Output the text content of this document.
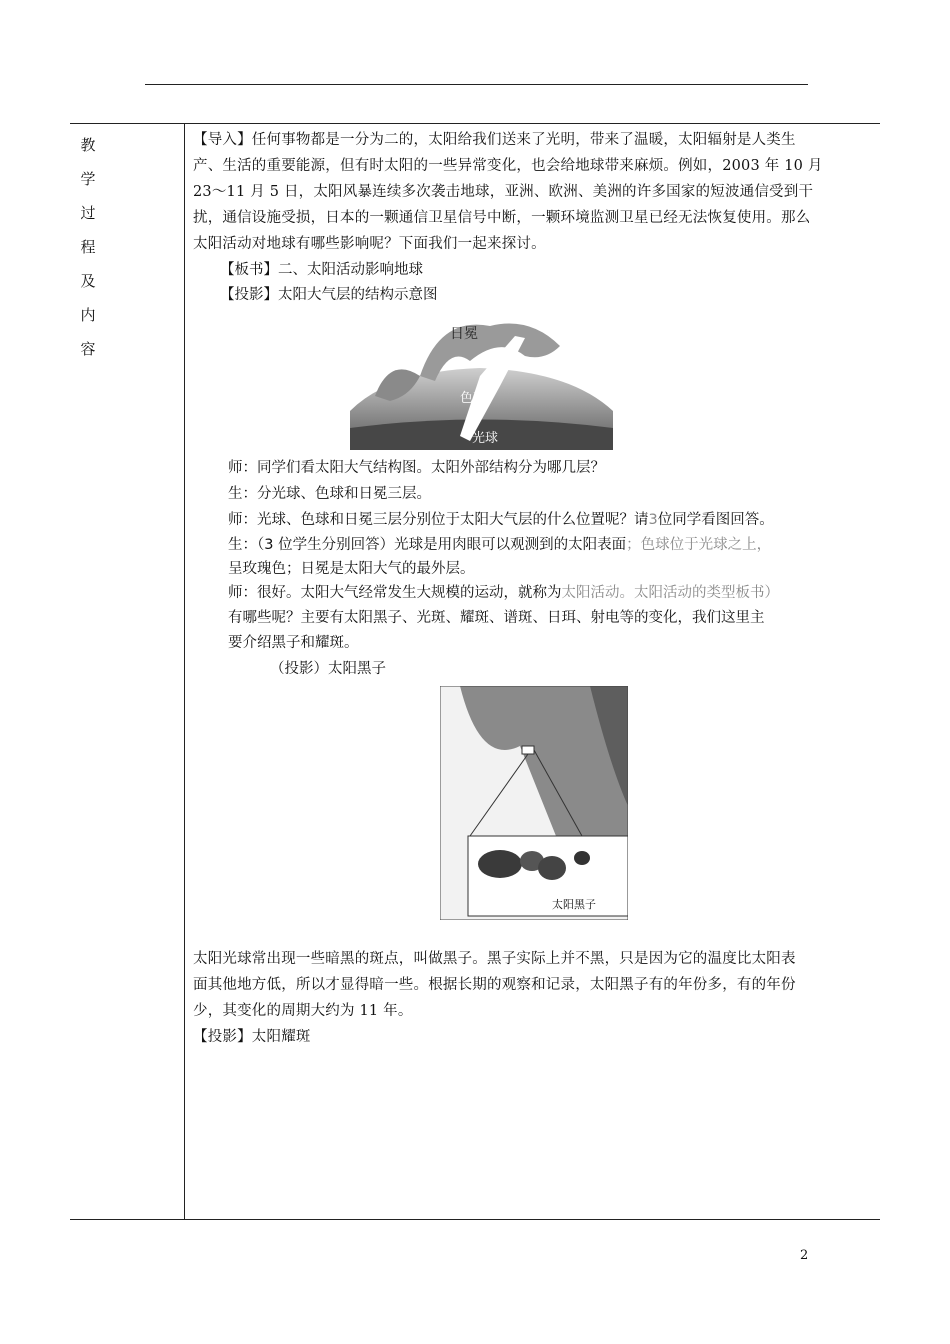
教
学
过
程
及
内
容
【导入】任何事物都是一分为二的，太阳给我们送来了光明，带来了温暖，太阳辐射是人类生
产、生活的重要能源，但有时太阳的一些异常变化，也会给地球带来麻烦。例如，2003 年 10 月
23～11 月 5 日，太阳风暴连续多次袭击地球，亚洲、欧洲、美洲的许多国家的短波通信受到干
扰，通信设施受损，日本的一颗通信卫星信号中断，一颗环境监测卫星已经无法恢复使用。那么
太阳活动对地球有哪些影响呢？下面我们一起来探讨。
【板书】二、太阳活动影响地球
【投影】太阳大气层的结构示意图
日冕
色球
光球
师：同学们看太阳大气结构图。太阳外部结构分为哪几层？
生：分光球、色球和日冕三层。
师：光球、色球和日冕三层分别位于太阳大气层的什么位置呢？请3位同学看图回答。
生：（3 位学生分别回答）光球是用肉眼可以观测到的太阳表面；色球位于光球之上，
呈玫瑰色；日冕是太阳大气的最外层。
师：很好。太阳大气经常发生大规模的运动，就称为太阳活动。太阳活动的类型板书）
有哪些呢？主要有太阳黑子、光斑、耀斑、谱斑、日珥、射电等的变化，我们这里主
要介绍黑子和耀斑。
（投影）太阳黑子
太阳黑子
太阳光球常出现一些暗黑的斑点，叫做黑子。黑子实际上并不黑，只是因为它的温度比太阳表
面其他地方低，所以才显得暗一些。根据长期的观察和记录，太阳黑子有的年份多，有的年份
少，其变化的周期大约为 11 年。
【投影】太阳耀斑
2
